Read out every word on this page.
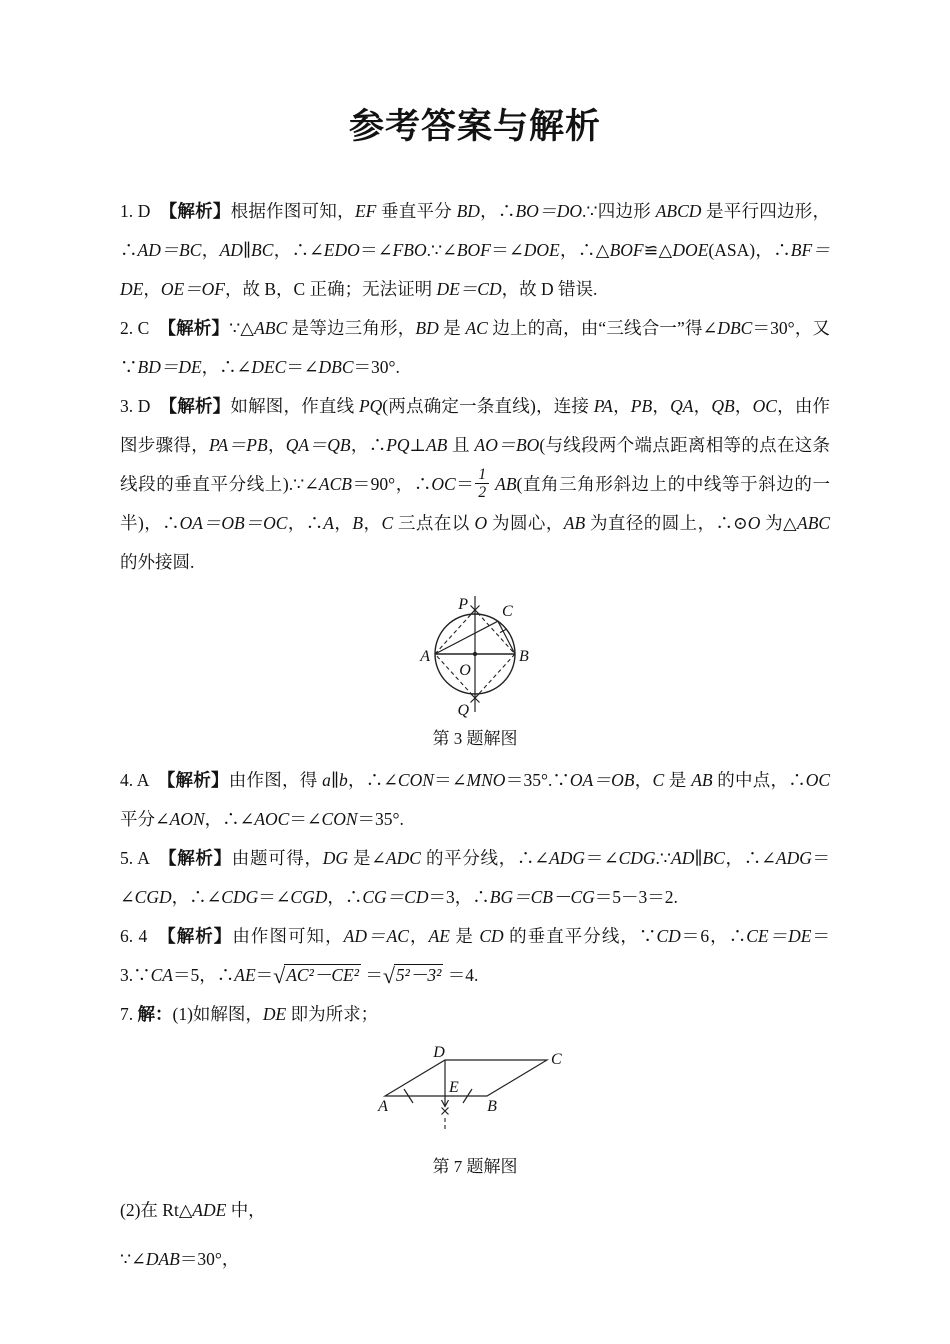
参考答案与解析

1. D　【解析】根据作图可知，EF 垂直平分 BD，∴BO＝DO.∵四边形 ABCD 是平行四边形，∴AD＝BC，AD∥BC，∴∠EDO＝∠FBO.∵∠BOF＝∠DOE，∴△BOF≌△DOE(ASA)，∴BF＝DE，OE＝OF，故 B，C 正确；无法证明 DE＝CD，故 D 错误.

2. C　【解析】∵△ABC 是等边三角形，BD 是 AC 边上的高，由“三线合一”得∠DBC＝30°，又∵BD＝DE，∴∠DEC＝∠DBC＝30°.

3. D　【解析】如解图，作直线 PQ(两点确定一条直线)，连接 PA，PB，QA，QB，OC，由作图步骤得，PA＝PB，QA＝QB，∴PQ⊥AB 且 AO＝BO(与线段两个端点距离相等的点在这条线段的垂直平分线上).∵∠ACB＝90°，∴OC＝ $\frac{1}{2} AB$(直角三角形斜边上的中线等于斜边的一半)，∴OA＝OB＝OC，∴A，B，C 三点在以 O 为圆心，AB 为直径的圆上，∴⊙O 为△ABC 的外接圆.

P C
A	B
O
Q
第 3 题解图

4. A　【解析】由作图，得 a∥b，∴∠CON＝∠MNO＝35°.∵OA＝OB，C 是 AB 的中点，∴OC 平分∠AON，∴∠AOC＝∠CON＝35°.

5. A　【解析】由题可得，DG 是∠ADC 的平分线，∴∠ADG＝∠CDG.∵AD∥BC，∴∠ADG＝∠CGD，∴∠CDG＝∠CGD，∴CG＝CD＝3，∴BG＝CB－CG＝5－3＝2.

6. 4　【解析】由作图可知，AD＝AC，AE 是 CD 的垂直平分线，∵CD＝6，∴CE＝DE＝3.∵CA＝5，∴AE＝√AC²－CE² ＝√5²－3² ＝4.

7. 解：(1)如解图，DE 即为所求；

D	C
E
A	B
第 7 题解图

(2)在 Rt△ADE 中，

∵∠DAB＝30°，
